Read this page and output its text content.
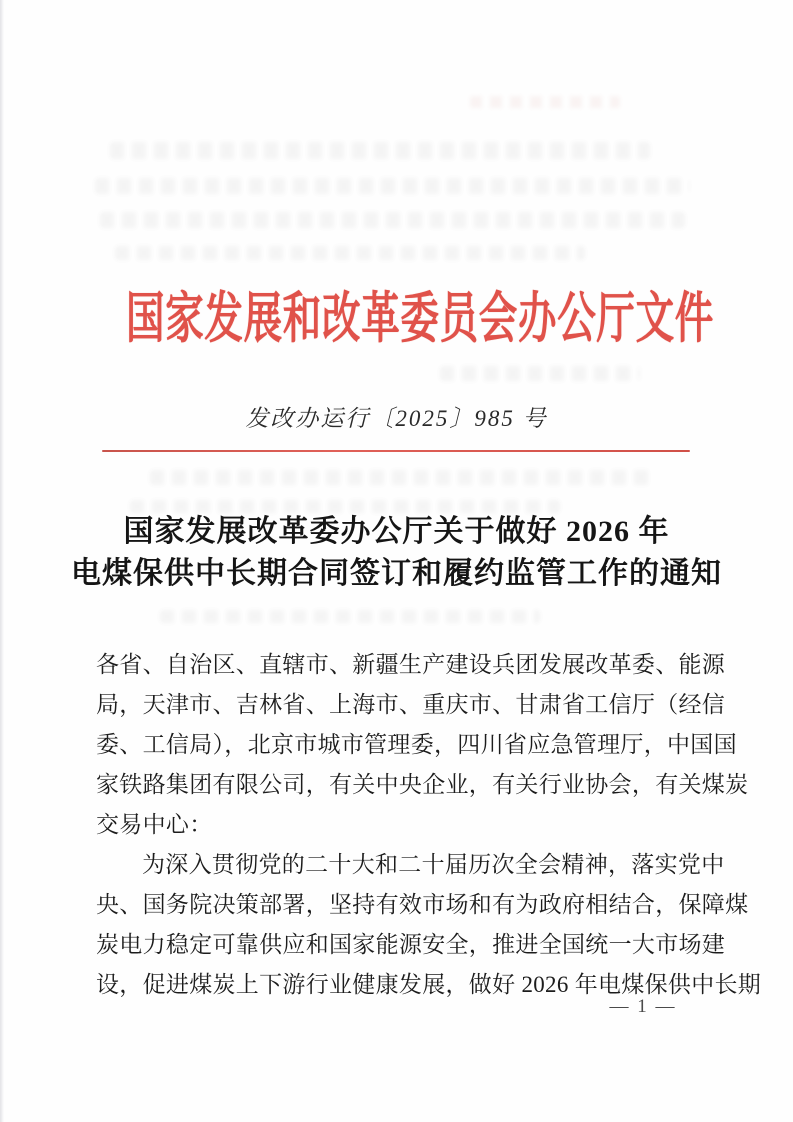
国家发展和改革委员会办公厅文件
发改办运行〔2025〕985 号
国家发展改革委办公厅关于做好 2026 年
电煤保供中长期合同签订和履约监管工作的通知
各省、自治区、直辖市、新疆生产建设兵团发展改革委、能源
局，天津市、吉林省、上海市、重庆市、甘肃省工信厅（经信
委、工信局），北京市城市管理委，四川省应急管理厅，中国国
家铁路集团有限公司，有关中央企业，有关行业协会，有关煤炭
交易中心：
为深入贯彻党的二十大和二十届历次全会精神，落实党中
央、国务院决策部署，坚持有效市场和有为政府相结合，保障煤
炭电力稳定可靠供应和国家能源安全，推进全国统一大市场建
设，促进煤炭上下游行业健康发展，做好 2026 年电煤保供中长期
— 1 —
